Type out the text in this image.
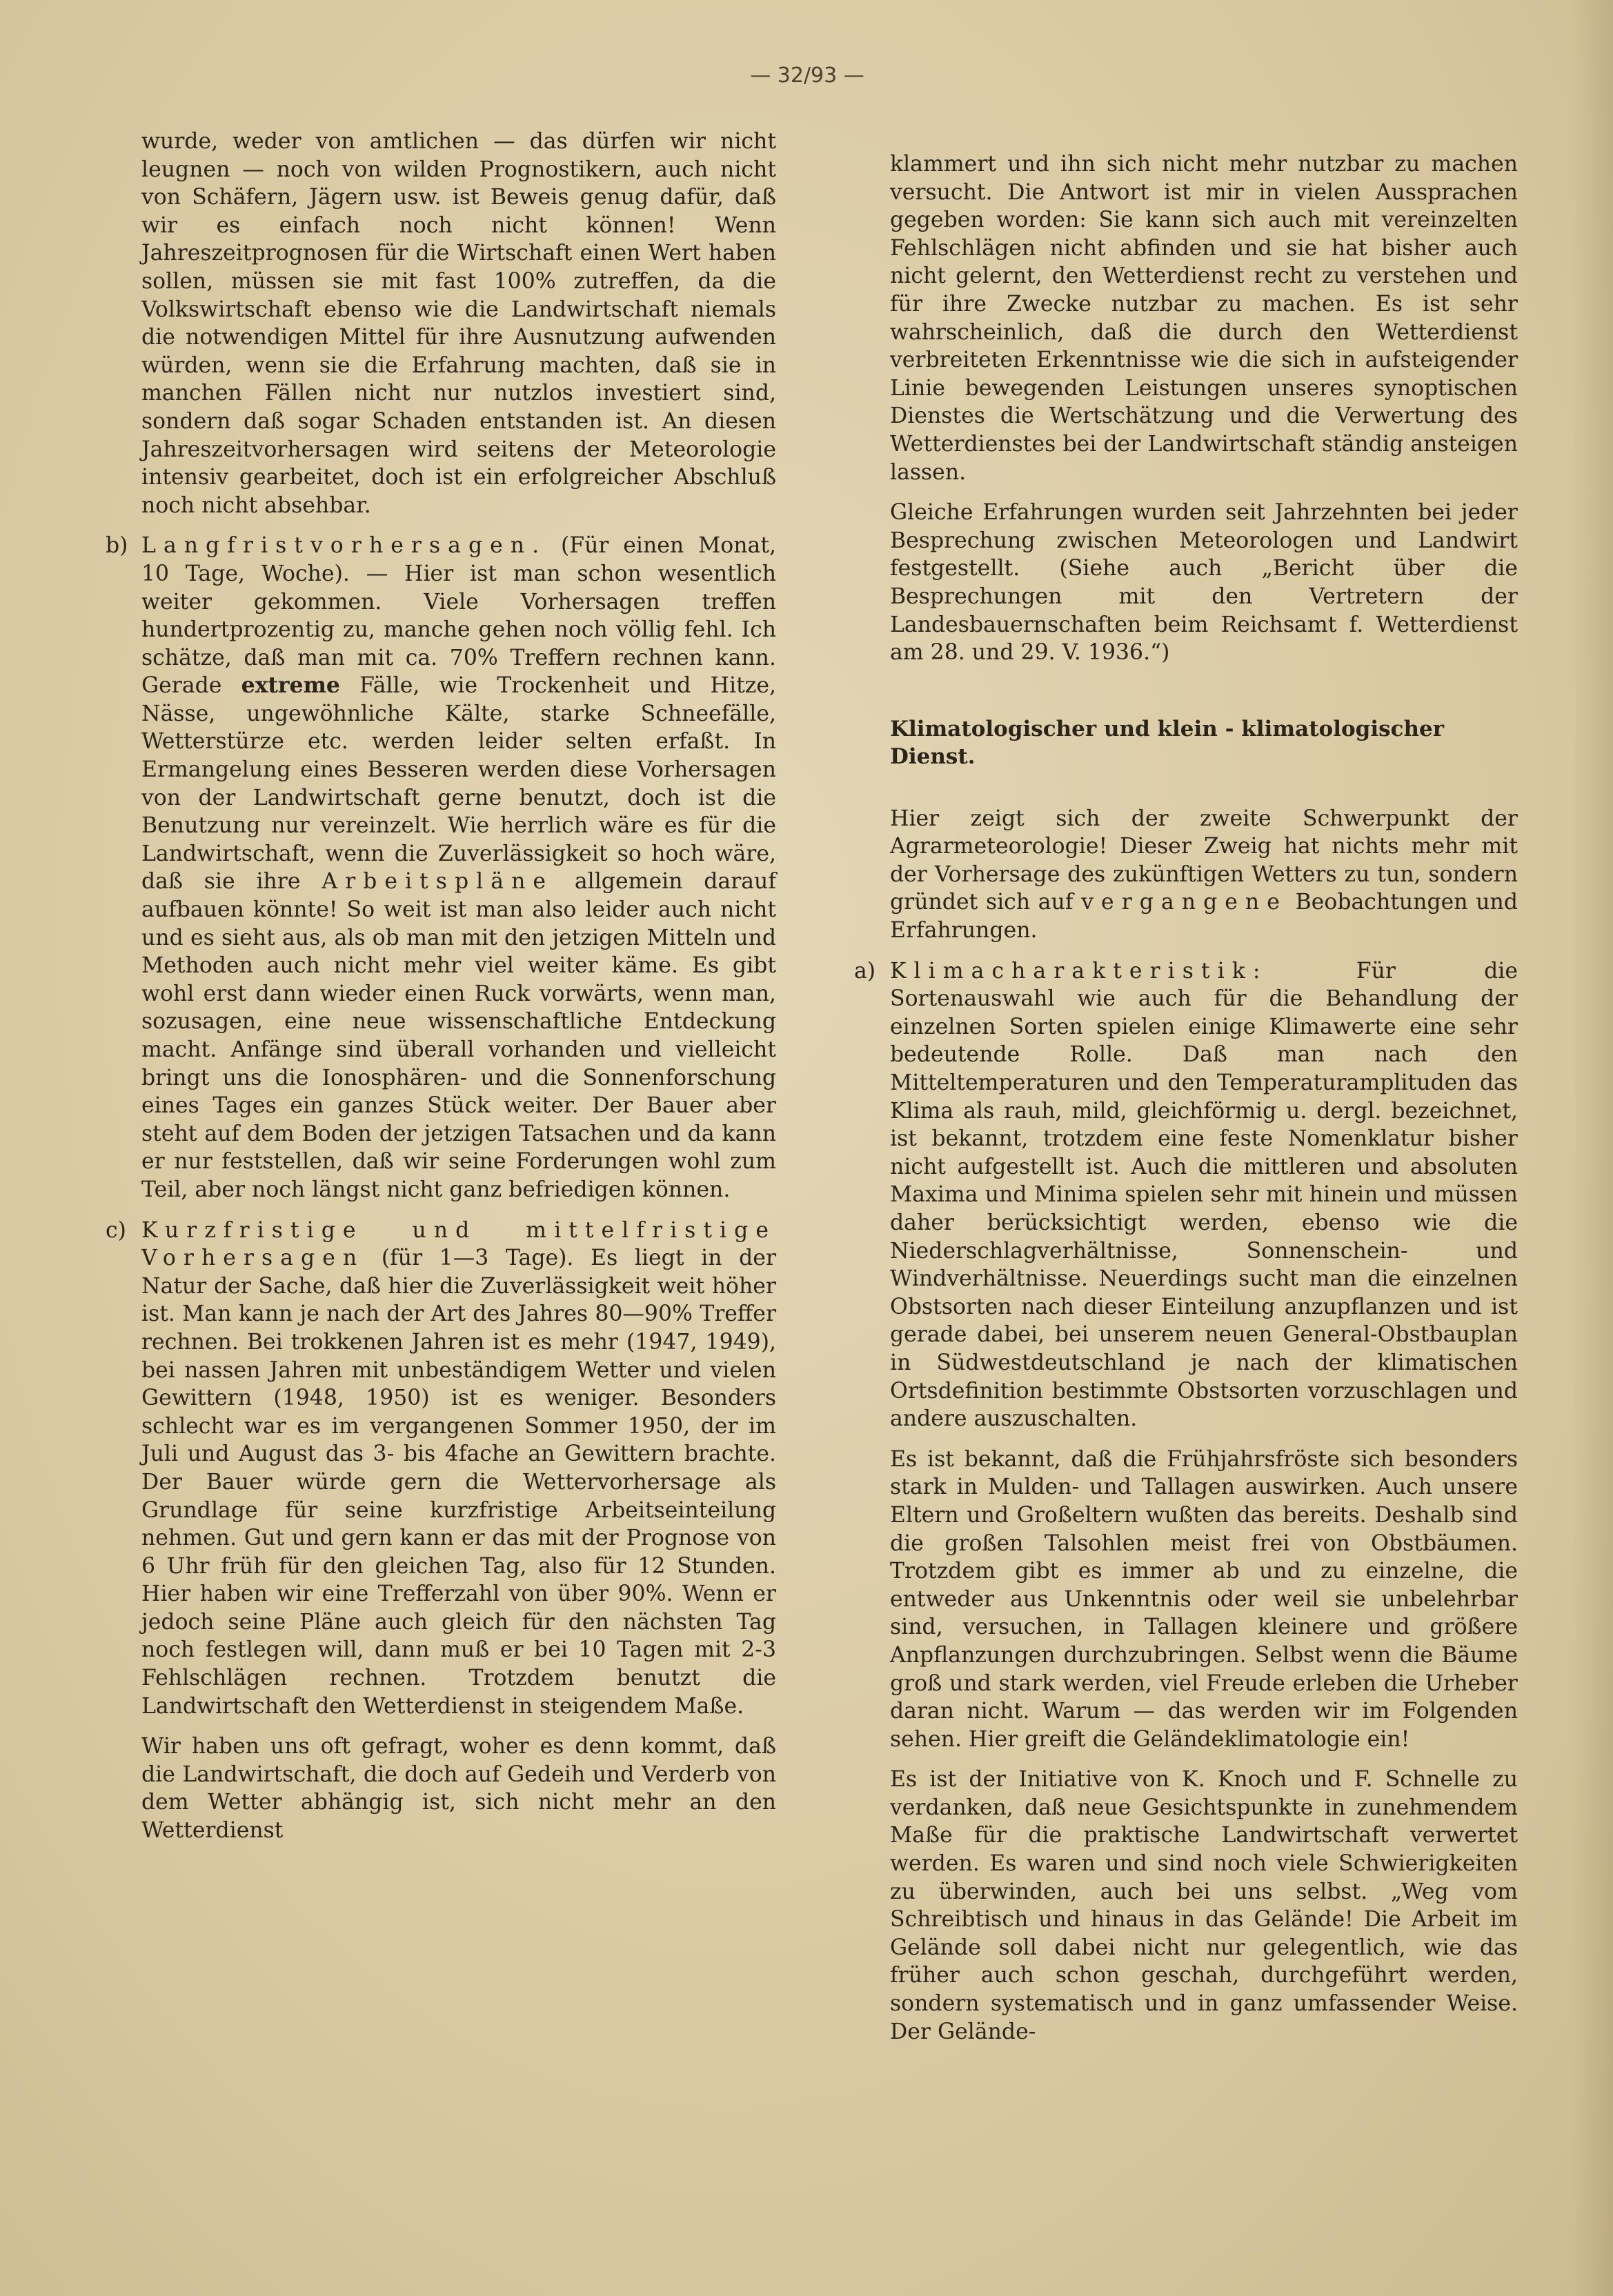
— 32/93 —

wurde, weder von amtlichen — das dürfen wir nicht leugnen — noch von wilden Prognostikern, auch nicht von Schäfern, Jägern usw. ist Beweis genug dafür, daß wir es einfach noch nicht können! Wenn Jahreszeitprognosen für die Wirtschaft einen Wert haben sollen, müssen sie mit fast 100% zutreffen, da die Volkswirtschaft ebenso wie die Landwirtschaft niemals die notwendigen Mittel für ihre Ausnutzung aufwenden würden, wenn sie die Erfahrung machten, daß sie in manchen Fällen nicht nur nutzlos investiert sind, sondern daß sogar Schaden entstanden ist. An diesen Jahreszeitvorhersagen wird seitens der Meteorologie intensiv gearbeitet, doch ist ein erfolgreicher Abschluß noch nicht absehbar.

b) Langfristvorhersagen. (Für einen Monat, 10 Tage, Woche). — Hier ist man schon wesentlich weiter gekommen. Viele Vorhersagen treffen hundertprozentig zu, manche gehen noch völlig fehl. Ich schätze, daß man mit ca. 70% Treffern rechnen kann. Gerade extreme Fälle, wie Trockenheit und Hitze, Nässe, ungewöhnliche Kälte, starke Schneefälle, Wetterstürze etc. werden leider selten erfaßt. In Ermangelung eines Besseren werden diese Vorhersagen von der Landwirtschaft gerne benutzt, doch ist die Benutzung nur vereinzelt. Wie herrlich wäre es für die Landwirtschaft, wenn die Zuverlässigkeit so hoch wäre, daß sie ihre Arbeitspläne allgemein darauf aufbauen könnte! So weit ist man also leider auch nicht und es sieht aus, als ob man mit den jetzigen Mitteln und Methoden auch nicht mehr viel weiter käme. Es gibt wohl erst dann wieder einen Ruck vorwärts, wenn man, sozusagen, eine neue wissenschaftliche Entdeckung macht. Anfänge sind überall vorhanden und vielleicht bringt uns die Ionosphären- und die Sonnenforschung eines Tages ein ganzes Stück weiter. Der Bauer aber steht auf dem Boden der jetzigen Tatsachen und da kann er nur feststellen, daß wir seine Forderungen wohl zum Teil, aber noch längst nicht ganz befriedigen können.
c) Kurzfristige und mittelfristige Vorhersagen (für 1—3 Tage). Es liegt in der Natur der Sache, daß hier die Zuverlässigkeit weit höher ist. Man kann je nach der Art des Jahres 80—90% Treffer rechnen. Bei trokkenen Jahren ist es mehr (1947, 1949), bei nassen Jahren mit unbeständigem Wetter und vielen Gewittern (1948, 1950) ist es weniger. Besonders schlecht war es im vergangenen Sommer 1950, der im Juli und August das 3- bis 4fache an Gewittern brachte. Der Bauer würde gern die Wettervorhersage als Grundlage für seine kurzfristige Arbeitseinteilung nehmen. Gut und gern kann er das mit der Prognose von 6 Uhr früh für den gleichen Tag, also für 12 Stunden. Hier haben wir eine Trefferzahl von über 90%. Wenn er jedoch seine Pläne auch gleich für den nächsten Tag noch festlegen will, dann muß er bei 10 Tagen mit 2-3 Fehlschlägen rechnen. Trotzdem benutzt die Landwirtschaft den Wetterdienst in steigendem Maße.

Wir haben uns oft gefragt, woher es denn kommt, daß die Landwirtschaft, die doch auf Gedeih und Verderb von dem Wetter abhängig ist, sich nicht mehr an den Wetterdienst

klammert und ihn sich nicht mehr nutzbar zu machen versucht. Die Antwort ist mir in vielen Aussprachen gegeben worden: Sie kann sich auch mit vereinzelten Fehlschlägen nicht abfinden und sie hat bisher auch nicht gelernt, den Wetterdienst recht zu verstehen und für ihre Zwecke nutzbar zu machen. Es ist sehr wahrscheinlich, daß die durch den Wetterdienst verbreiteten Erkenntnisse wie die sich in aufsteigender Linie bewegenden Leistungen unseres synoptischen Dienstes die Wertschätzung und die Verwertung des Wetterdienstes bei der Landwirtschaft ständig ansteigen lassen.

Gleiche Erfahrungen wurden seit Jahrzehnten bei jeder Besprechung zwischen Meteorologen und Landwirt festgestellt. (Siehe auch „Bericht über die Besprechungen mit den Vertretern der Landesbauernschaften beim Reichsamt f. Wetterdienst am 28. und 29. V. 1936.“)

Klimatologischer und klein - klimatologischer Dienst.

Hier zeigt sich der zweite Schwerpunkt der Agrarmeteorologie! Dieser Zweig hat nichts mehr mit der Vorhersage des zukünftigen Wetters zu tun, sondern gründet sich auf vergangene Beobachtungen und Erfahrungen.

a) Klimacharakteristik: Für die Sortenauswahl wie auch für die Behandlung der einzelnen Sorten spielen einige Klimawerte eine sehr bedeutende Rolle. Daß man nach den Mitteltemperaturen und den Temperaturamplituden das Klima als rauh, mild, gleichförmig u. dergl. bezeichnet, ist bekannt, trotzdem eine feste Nomenklatur bisher nicht aufgestellt ist. Auch die mittleren und absoluten Maxima und Minima spielen sehr mit hinein und müssen daher berücksichtigt werden, ebenso wie die Niederschlagverhältnisse, Sonnenschein- und Windverhältnisse. Neuerdings sucht man die einzelnen Obstsorten nach dieser Einteilung anzupflanzen und ist gerade dabei, bei unserem neuen General-Obstbauplan in Südwestdeutschland je nach der klimatischen Ortsdefinition bestimmte Obstsorten vorzuschlagen und andere auszuschalten.

Es ist bekannt, daß die Frühjahrsfröste sich besonders stark in Mulden- und Tallagen auswirken. Auch unsere Eltern und Großeltern wußten das bereits. Deshalb sind die großen Talsohlen meist frei von Obstbäumen. Trotzdem gibt es immer ab und zu einzelne, die entweder aus Unkenntnis oder weil sie unbelehrbar sind, versuchen, in Tallagen kleinere und größere Anpflanzungen durchzubringen. Selbst wenn die Bäume groß und stark werden, viel Freude erleben die Urheber daran nicht. Warum — das werden wir im Folgenden sehen. Hier greift die Geländeklimatologie ein!

Es ist der Initiative von K. Knoch und F. Schnelle zu verdanken, daß neue Gesichtspunkte in zunehmendem Maße für die praktische Landwirtschaft verwertet werden. Es waren und sind noch viele Schwierigkeiten zu überwinden, auch bei uns selbst. „Weg vom Schreibtisch und hinaus in das Gelände! Die Arbeit im Gelände soll dabei nicht nur gelegentlich, wie das früher auch schon geschah, durchgeführt werden, sondern systematisch und in ganz umfassender Weise. Der Gelände-
